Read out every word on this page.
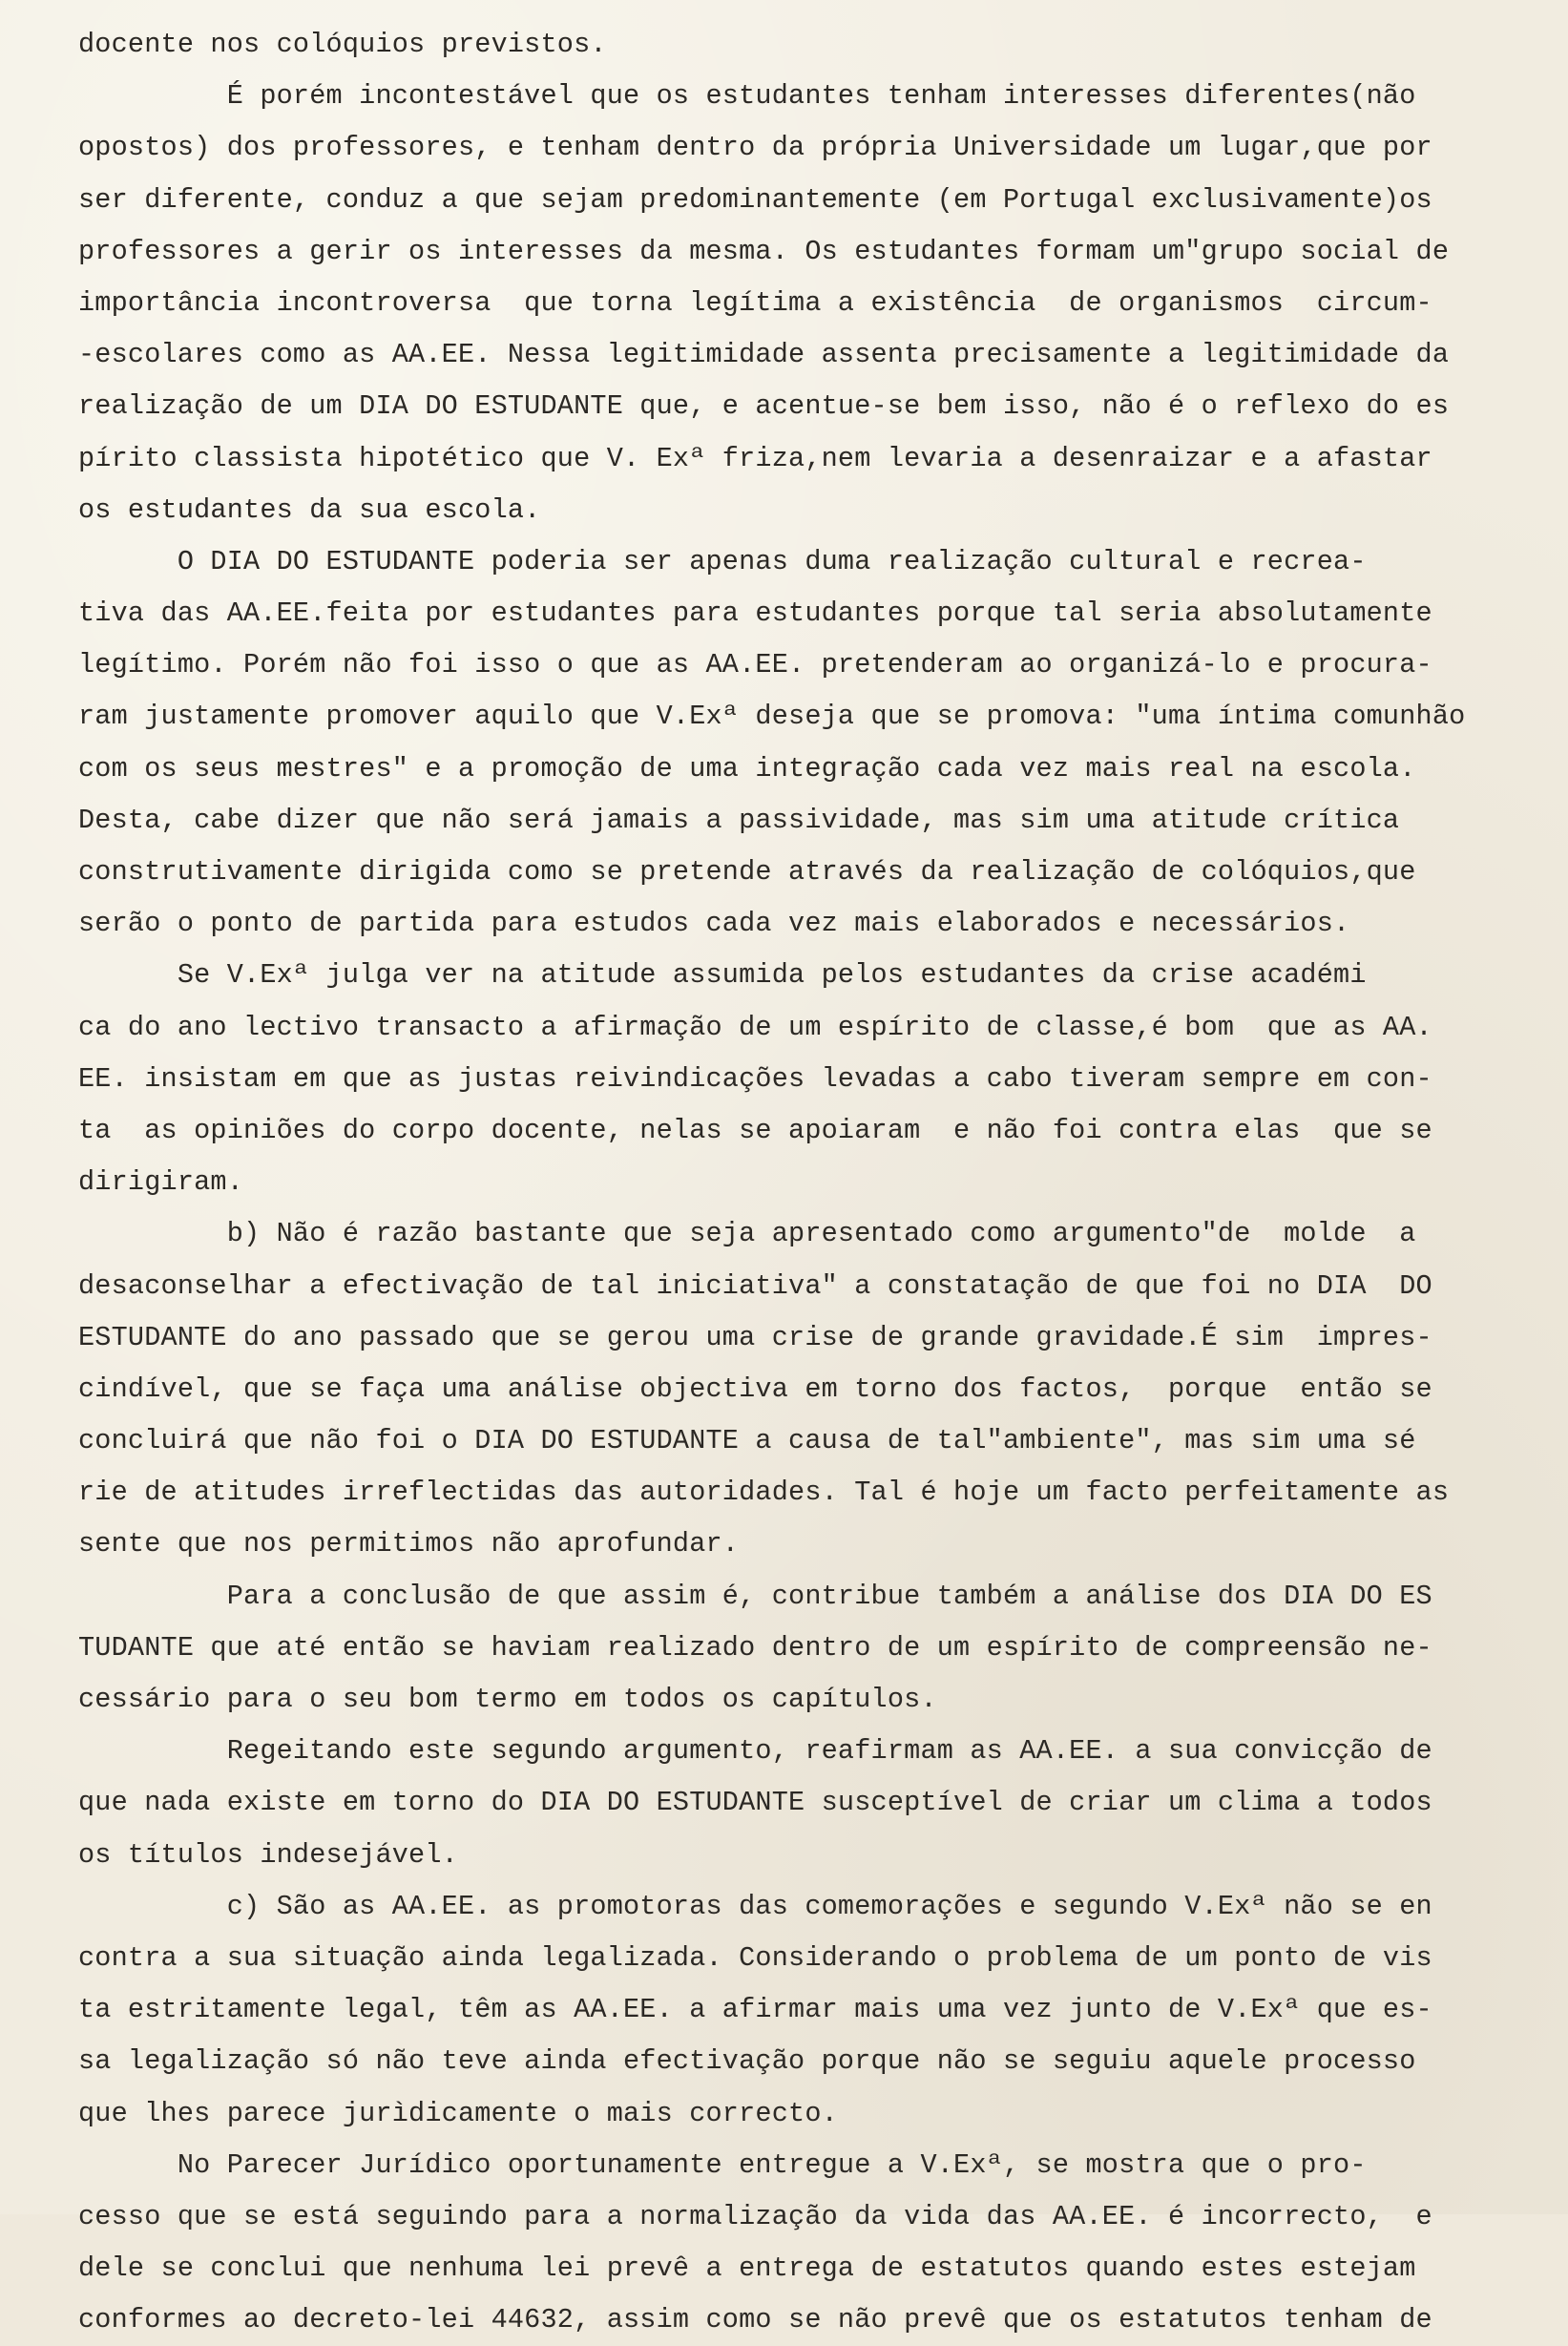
docente nos colóquios previstos.
É porém incontestável que os estudantes tenham interesses diferentes(não
opostos) dos professores, e tenham dentro da própria Universidade um lugar,que por
ser diferente, conduz a que sejam predominantemente (em Portugal exclusivamente)os
professores a gerir os interesses da mesma. Os estudantes formam um"grupo social de
importância incontroversa  que torna legítima a existência  de organismos  circum-
-escolares como as AA.EE. Nessa legitimidade assenta precisamente a legitimidade da
realização de um DIA DO ESTUDANTE que, e acentue-se bem isso, não é o reflexo do es
pírito classista hipotético que V. Exª friza,nem levaria a desenraizar e a afastar
os estudantes da sua escola.
O DIA DO ESTUDANTE poderia ser apenas duma realização cultural e recrea-
tiva das AA.EE.feita por estudantes para estudantes porque tal seria absolutamente
legítimo. Porém não foi isso o que as AA.EE. pretenderam ao organizá-lo e procura-
ram justamente promover aquilo que V.Exª deseja que se promova: "uma íntima comunhão
com os seus mestres" e a promoção de uma integração cada vez mais real na escola.
Desta, cabe dizer que não será jamais a passividade, mas sim uma atitude crítica
construtivamente dirigida como se pretende através da realização de colóquios,que
serão o ponto de partida para estudos cada vez mais elaborados e necessários.
Se V.Exª julga ver na atitude assumida pelos estudantes da crise académi
ca do ano lectivo transacto a afirmação de um espírito de classe,é bom  que as AA.
EE. insistam em que as justas reivindicações levadas a cabo tiveram sempre em con-
ta  as opiniões do corpo docente, nelas se apoiaram  e não foi contra elas  que se
dirigiram.
b) Não é razão bastante que seja apresentado como argumento"de  molde  a
desaconselhar a efectivação de tal iniciativa" a constatação de que foi no DIA  DO
ESTUDANTE do ano passado que se gerou uma crise de grande gravidade.É sim  impres-
cindível, que se faça uma análise objectiva em torno dos factos,  porque  então se
concluirá que não foi o DIA DO ESTUDANTE a causa de tal"ambiente", mas sim uma sé
rie de atitudes irreflectidas das autoridades. Tal é hoje um facto perfeitamente as
sente que nos permitimos não aprofundar.
Para a conclusão de que assim é, contribue também a análise dos DIA DO ES
TUDANTE que até então se haviam realizado dentro de um espírito de compreensão ne-
cessário para o seu bom termo em todos os capítulos.
Regeitando este segundo argumento, reafirmam as AA.EE. a sua convicção de
que nada existe em torno do DIA DO ESTUDANTE susceptível de criar um clima a todos
os títulos indesejável.
c) São as AA.EE. as promotoras das comemorações e segundo V.Exª não se en
contra a sua situação ainda legalizada. Considerando o problema de um ponto de vis
ta estritamente legal, têm as AA.EE. a afirmar mais uma vez junto de V.Exª que es-
sa legalização só não teve ainda efectivação porque não se seguiu aquele processo
que lhes parece jurìdicamente o mais correcto.
No Parecer Jurídico oportunamente entregue a V.Exª, se mostra que o pro-
cesso que se está seguindo para a normalização da vida das AA.EE. é incorrecto,  e
dele se conclui que nenhuma lei prevê a entrega de estatutos quando estes estejam
conformes ao decreto-lei 44632, assim como se não prevê que os estatutos tenham de
